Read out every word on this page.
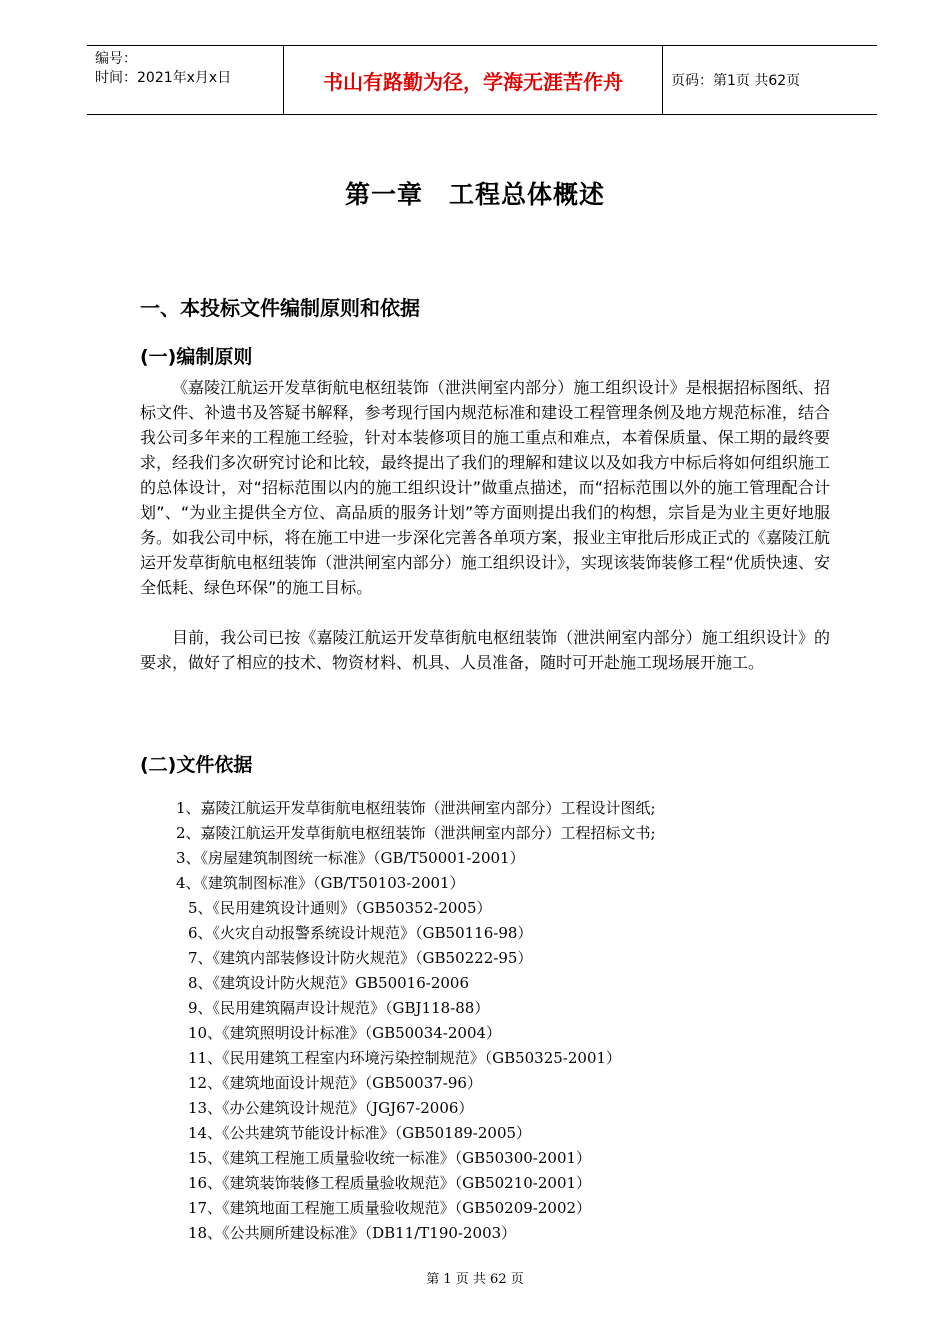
编号：
时间：2021年x月x日	书山有路勤为径，学海无涯苦作舟	页码：第1页 共62页
第一章 工程总体概述
一、本投标文件编制原则和依据
(一)编制原则
《嘉陵江航运开发草街航电枢纽装饰（泄洪闸室内部分）施工组织设计》是根据招标图纸、招标文件、补遗书及答疑书解释，参考现行国内规范标准和建设工程管理条例及地方规范标准，结合我公司多年来的工程施工经验，针对本装修项目的施工重点和难点，本着保质量、保工期的最终要求，经我们多次研究讨论和比较，最终提出了我们的理解和建议以及如我方中标后将如何组织施工的总体设计，对“招标范围以内的施工组织设计”做重点描述，而“招标范围以外的施工管理配合计划”、“为业主提供全方位、高品质的服务计划”等方面则提出我们的构想，宗旨是为业主更好地服务。如我公司中标，将在施工中进一步深化完善各单项方案，报业主审批后形成正式的《嘉陵江航运开发草街航电枢纽装饰（泄洪闸室内部分）施工组织设计》，实现该装饰装修工程“优质快速、安全低耗、绿色环保”的施工目标。
目前，我公司已按《嘉陵江航运开发草街航电枢纽装饰（泄洪闸室内部分）施工组织设计》的要求，做好了相应的技术、物资材料、机具、人员准备，随时可开赴施工现场展开施工。
(二)文件依据
1、嘉陵江航运开发草街航电枢纽装饰（泄洪闸室内部分）工程设计图纸;
2、嘉陵江航运开发草街航电枢纽装饰（泄洪闸室内部分）工程招标文书;
3、《房屋建筑制图统一标准》（GB/T50001-2001）
4、《建筑制图标准》（GB/T50103-2001）
5、《民用建筑设计通则》（GB50352-2005）
6、《火灾自动报警系统设计规范》（GB50116-98）
7、《建筑内部装修设计防火规范》（GB50222-95）
8、《建筑设计防火规范》GB50016-2006
9、《民用建筑隔声设计规范》（GBJ118-88）
10、《建筑照明设计标准》（GB50034-2004）
11、《民用建筑工程室内环境污染控制规范》（GB50325-2001）
12、《建筑地面设计规范》（GB50037-96）
13、《办公建筑设计规范》（JGJ67-2006）
14、《公共建筑节能设计标准》（GB50189-2005）
15、《建筑工程施工质量验收统一标准》（GB50300-2001）
16、《建筑装饰装修工程质量验收规范》（GB50210-2001）
17、《建筑地面工程施工质量验收规范》（GB50209-2002）
18、《公共厕所建设标准》（DB11/T190-2003）
第 1 页 共 62 页
